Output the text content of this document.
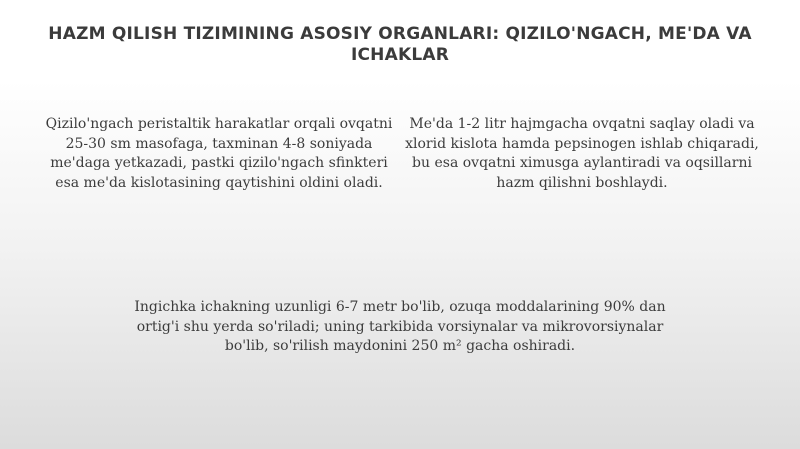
HAZM QILISH TIZIMINING ASOSIY ORGANLARI: QIZILO'NGACH, ME'DA VA ICHAKLAR

Qizilo'ngach peristaltik harakatlar orqali ovqatni 25-30 sm masofaga, taxminan 4-8 soniyada me'daga yetkazadi, pastki qizilo'ngach sfinkteri esa me'da kislotasining qaytishini oldini oladi.

Me'da 1-2 litr hajmgacha ovqatni saqlay oladi va xlorid kislota hamda pepsinogen ishlab chiqaradi, bu esa ovqatni ximusga aylantiradi va oqsillarni hazm qilishni boshlaydi.

Ingichka ichakning uzunligi 6-7 metr bo'lib, ozuqa moddalarining 90% dan ortig'i shu yerda so'riladi; uning tarkibida vorsiynalar va mikrovorsiynalar bo'lib, so'rilish maydonini 250 m² gacha oshiradi.
